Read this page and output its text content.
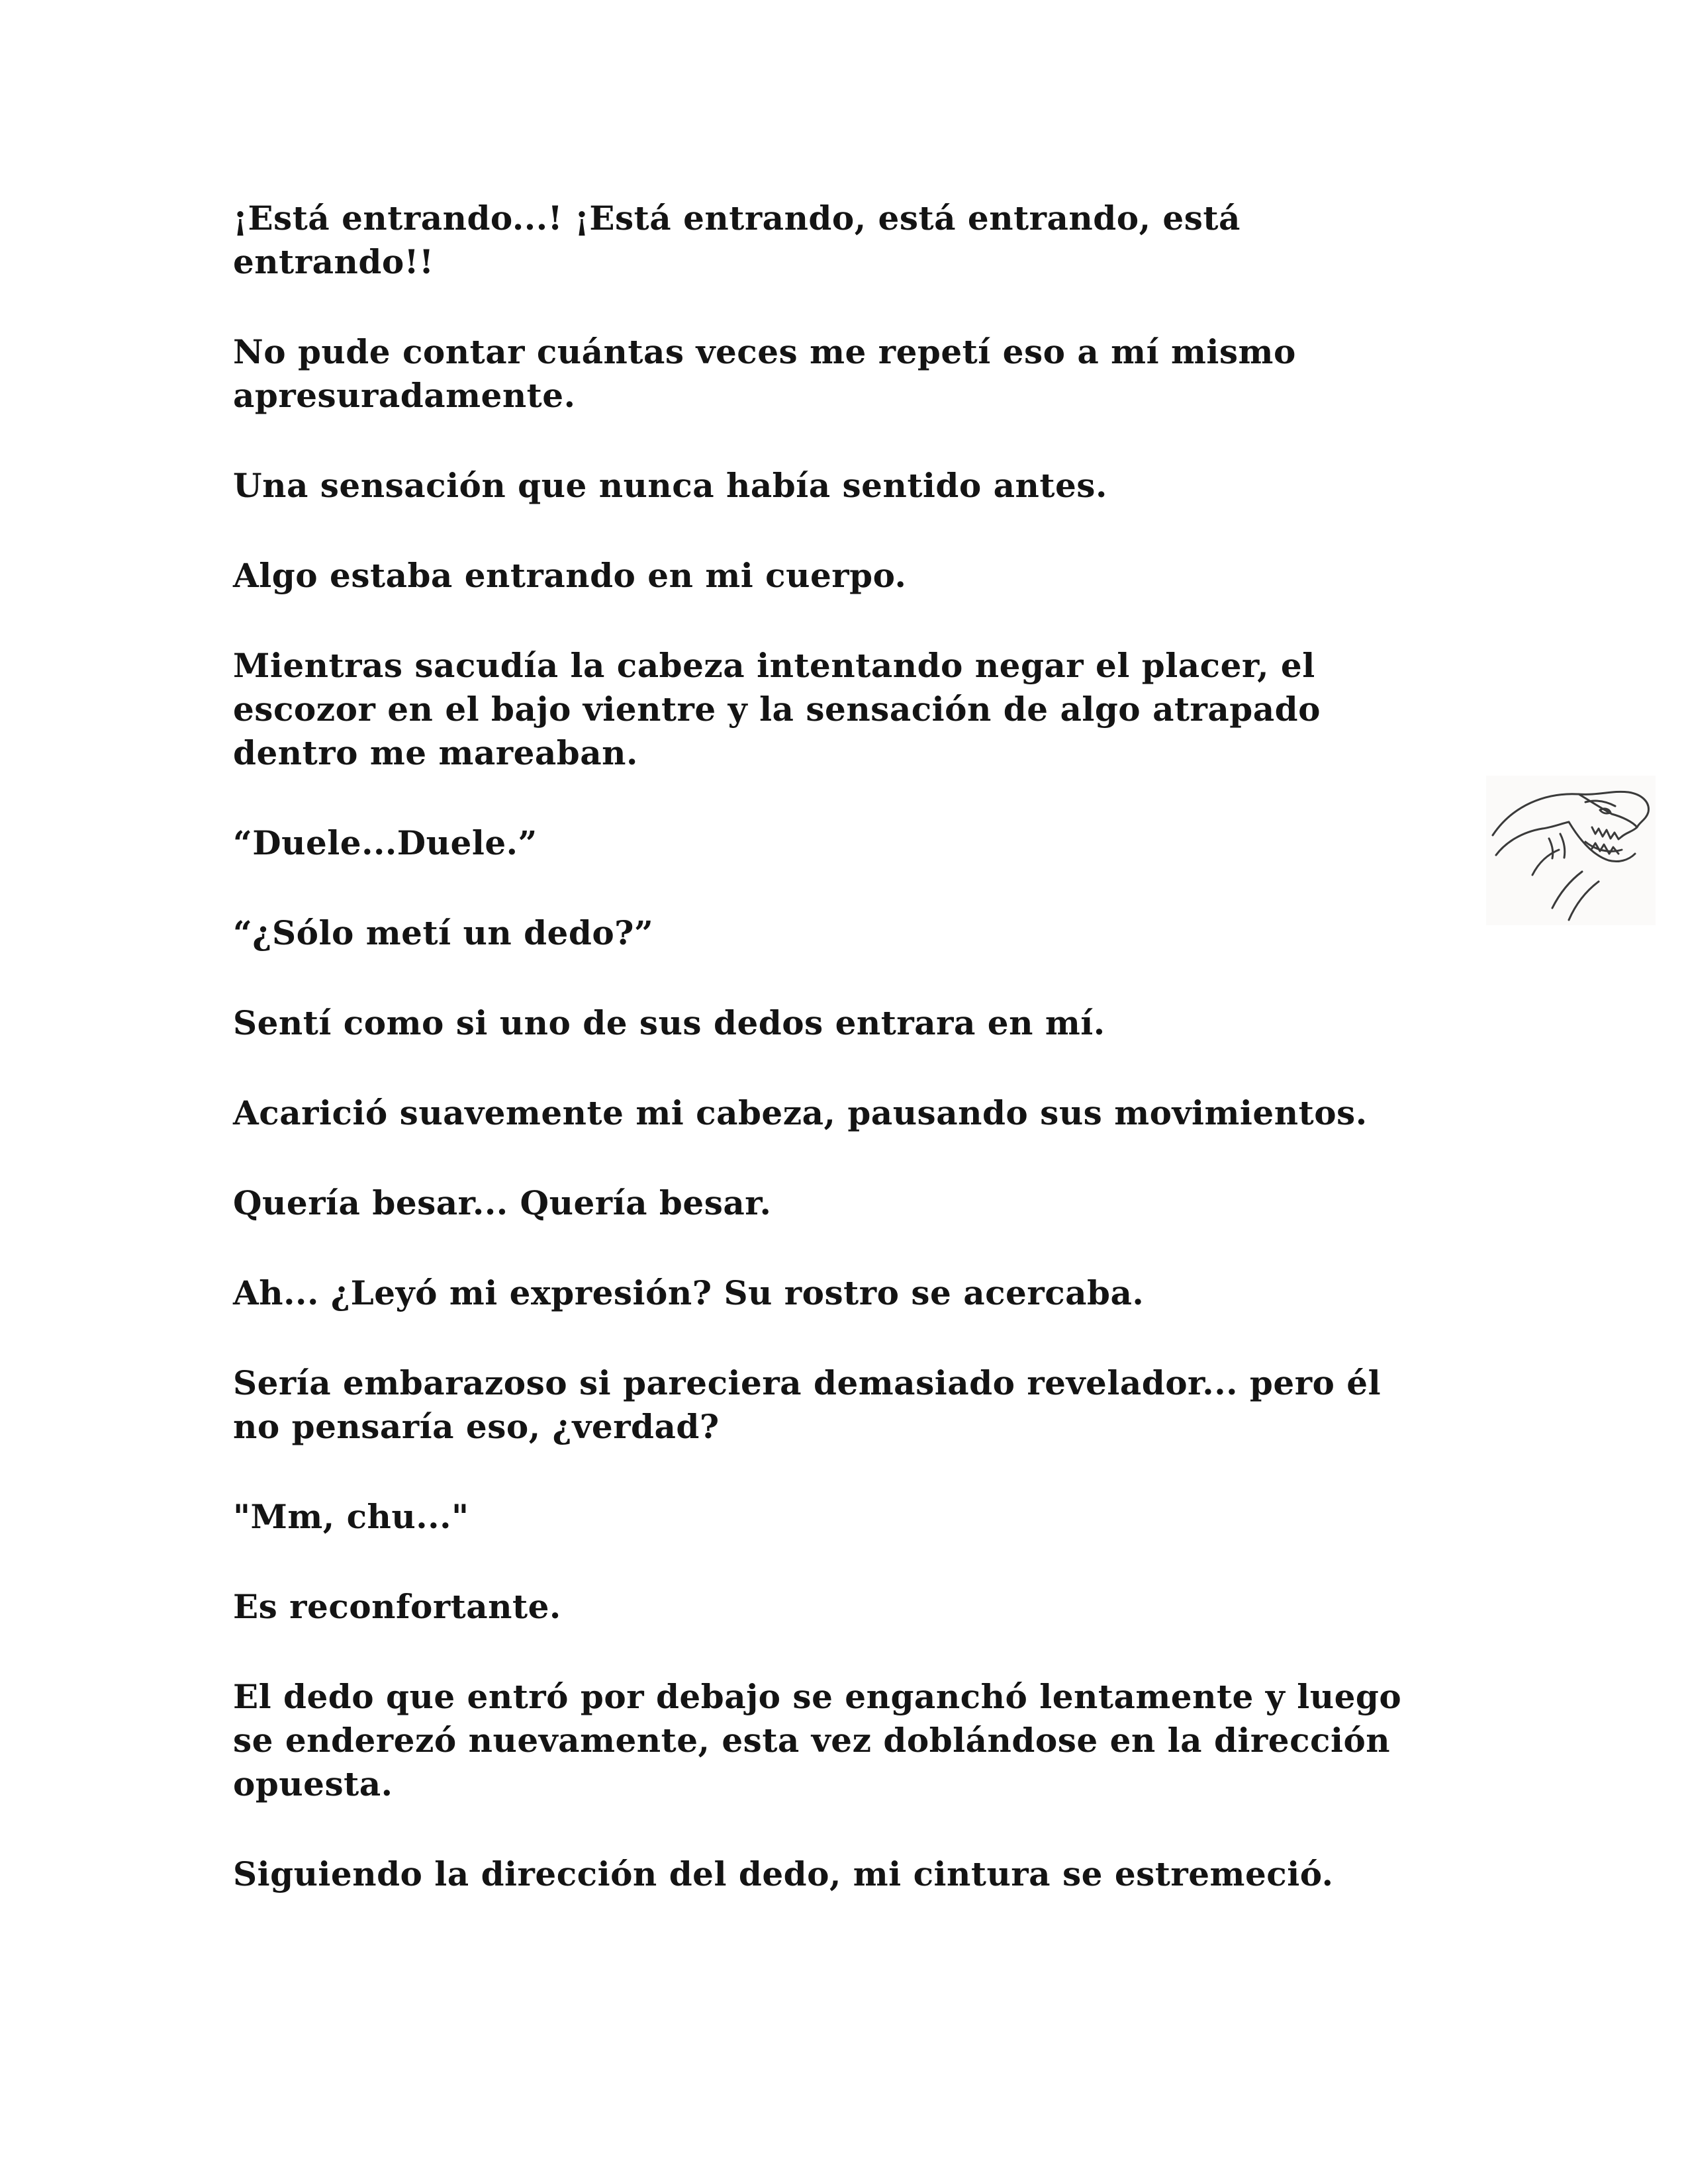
¡Está entrando...! ¡Está entrando, está entrando, está
entrando!!

No pude contar cuántas veces me repetí eso a mí mismo
apresuradamente.

Una sensación que nunca había sentido antes.

Algo estaba entrando en mi cuerpo.

Mientras sacudía la cabeza intentando negar el placer, el
escozor en el bajo vientre y la sensación de algo atrapado
dentro me mareaban.

“Duele...Duele.”

“¿Sólo metí un dedo?”

Sentí como si uno de sus dedos entrara en mí.

Acarició suavemente mi cabeza, pausando sus movimientos.

Quería besar... Quería besar.

Ah... ¿Leyó mi expresión? Su rostro se acercaba.

Sería embarazoso si pareciera demasiado revelador... pero él
no pensaría eso, ¿verdad?

"Mm, chu..."

Es reconfortante.

El dedo que entró por debajo se enganchó lentamente y luego
se enderezó nuevamente, esta vez doblándose en la dirección
opuesta.

Siguiendo la dirección del dedo, mi cintura se estremeció.
